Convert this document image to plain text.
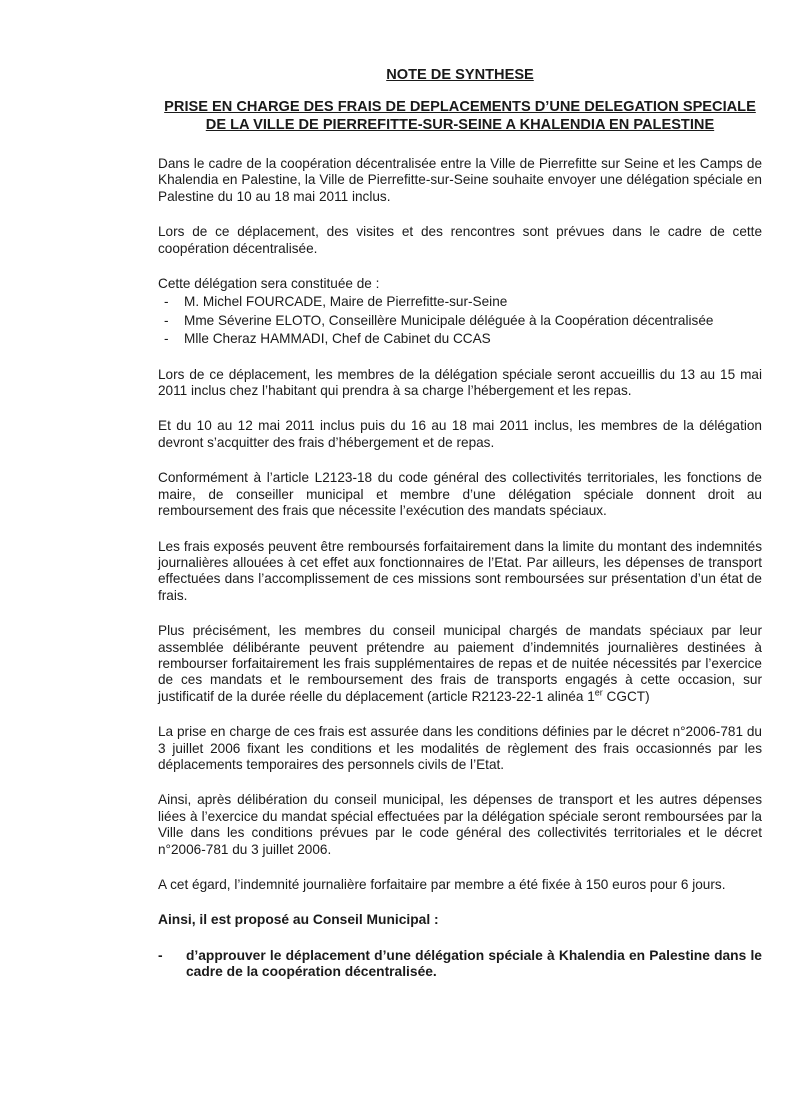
NOTE DE SYNTHESE
PRISE EN CHARGE DES FRAIS DE DEPLACEMENTS D’UNE DELEGATION SPECIALE
DE LA VILLE DE PIERREFITTE-SUR-SEINE A KHALENDIA EN PALESTINE

Dans le cadre de la coopération décentralisée entre la Ville de Pierrefitte sur Seine et les Camps de Khalendia en Palestine, la Ville de Pierrefitte-sur-Seine souhaite envoyer une délégation spéciale en Palestine du 10 au 18 mai 2011 inclus.

Lors de ce déplacement, des visites et des rencontres sont prévues dans le cadre de cette coopération décentralisée.

Cette délégation sera constituée de :

- M. Michel FOURCADE, Maire de Pierrefitte-sur-Seine
- Mme Séverine ELOTO, Conseillère Municipale déléguée à la Coopération décentralisée
- Mlle Cheraz HAMMADI, Chef de Cabinet du CCAS

Lors de ce déplacement, les membres de la délégation spéciale seront accueillis du 13 au 15 mai 2011 inclus chez l’habitant qui prendra à sa charge l’hébergement et les repas.

Et du 10 au 12 mai 2011 inclus puis du 16 au 18 mai 2011 inclus, les membres de la délégation devront s’acquitter des frais d’hébergement et de repas.

Conformément à l’article L2123-18 du code général des collectivités territoriales, les fonctions de maire, de conseiller municipal et membre d’une délégation spéciale donnent droit au remboursement des frais que nécessite l’exécution des mandats spéciaux.

Les frais exposés peuvent être remboursés forfaitairement dans la limite du montant des indemnités journalières allouées à cet effet aux fonctionnaires de l’Etat. Par ailleurs, les dépenses de transport effectuées dans l’accomplissement de ces missions sont remboursées sur présentation d’un état de frais.

Plus précisément, les membres du conseil municipal chargés de mandats spéciaux par leur assemblée délibérante peuvent prétendre au paiement d’indemnités journalières destinées à rembourser forfaitairement les frais supplémentaires de repas et de nuitée nécessités par l’exercice de ces mandats et le remboursement des frais de transports engagés à cette occasion, sur justificatif de la durée réelle du déplacement (article R2123-22-1 alinéa 1er CGCT)

La prise en charge de ces frais est assurée dans les conditions définies par le décret n°2006-781 du 3 juillet 2006 fixant les conditions et les modalités de règlement des frais occasionnés par les déplacements temporaires des personnels civils de l’Etat.

Ainsi, après délibération du conseil municipal, les dépenses de transport et les autres dépenses liées à l’exercice du mandat spécial effectuées par la délégation spéciale seront remboursées par la Ville dans les conditions prévues par le code général des collectivités territoriales et le décret n°2006-781 du 3 juillet 2006.

A cet égard, l’indemnité journalière forfaitaire par membre a été fixée à 150 euros pour 6 jours.

Ainsi, il est proposé au Conseil Municipal :
- d’approuver le déplacement d’une délégation spéciale à Khalendia en Palestine dans le cadre de la coopération décentralisée.
